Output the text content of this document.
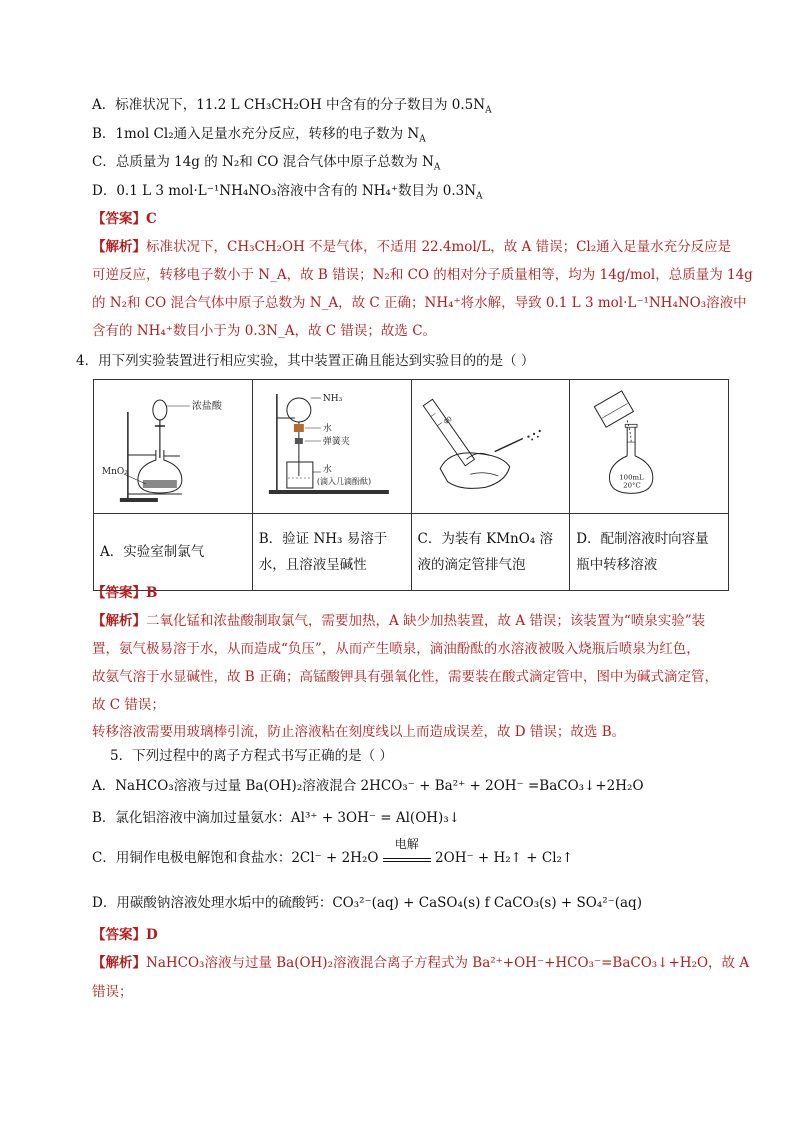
A．标准状况下，11.2 L CH₃CH₂OH 中含有的分子数目为 $0.5N_A$
B．1mol Cl₂通入足量水充分反应，转移的电子数为 $N_A$
C．总质量为 14g 的 N₂和 CO 混合气体中原子总数为 $N_A$
D．0.1 L 3 mol·L⁻¹NH₄NO₃溶液中含有的 NH₄⁺数目为 $0.3N_A$
【答案】C
【解析】标准状况下，CH₃CH₂OH 不是气体，不适用 22.4mol/L，故 A 错误；Cl₂通入足量水充分反应是
可逆反应，转移电子数小于 N_A，故 B 错误；N₂和 CO 的相对分子质量相等，均为 14g/mol，总质量为 14g
的 N₂和 CO 混合气体中原子总数为 N_A，故 C 正确；NH₄⁺将水解，导致 0.1 L 3 mol·L⁻¹NH₄NO₃溶液中
含有的 NH₄⁺数目小于为 0.3N_A，故 C 错误；故选 C。
4．用下列实验装置进行相应实验，其中装置正确且能达到实验目的的是（ ）
浓盐酸
MnO₂	NH₃
水
弹簧夹
水
(滴入几滴酚酞)	40	100mL
20°C

A．实验室制氯气	B．验证 NH₃ 易溶于水，且溶液呈碱性	C．为装有 KMnO₄ 溶液的滴定管排气泡	D．配制溶液时向容量瓶中转移溶液
【答案】B
【解析】二氧化锰和浓盐酸制取氯气，需要加热，A 缺少加热装置，故 A 错误；该装置为“喷泉实验”装
置，氨气极易溶于水，从而造成“负压”，从而产生喷泉，滴油酚酞的水溶液被吸入烧瓶后喷泉为红色，
故氨气溶于水显碱性，故 B 正确；高锰酸钾具有强氧化性，需要装在酸式滴定管中，图中为碱式滴定管，
故 C 错误；
转移溶液需要用玻璃棒引流，防止溶液粘在刻度线以上而造成误差，故 D 错误；故选 B。
5．下列过程中的离子方程式书写正确的是（ ）
A．NaHCO₃溶液与过量 Ba(OH)₂溶液混合 2HCO₃⁻ + Ba²⁺ + 2OH⁻ =BaCO₃↓+2H₂O
B．氯化铝溶液中滴加过量氨水：Al³⁺ + 3OH⁻ = Al(OH)₃↓
C．用铜作电极电解饱和食盐水：2Cl⁻ + 2H₂O
电解
2OH⁻ + H₂↑ + Cl₂↑
D．用碳酸钠溶液处理水垢中的硫酸钙：CO₃²⁻(aq) + CaSO₄(s) f CaCO₃(s) + SO₄²⁻(aq)
【答案】D
【解析】NaHCO₃溶液与过量 Ba(OH)₂溶液混合离子方程式为 Ba²⁺+OH⁻+HCO₃⁻=BaCO₃↓+H₂O，故 A
错误；
